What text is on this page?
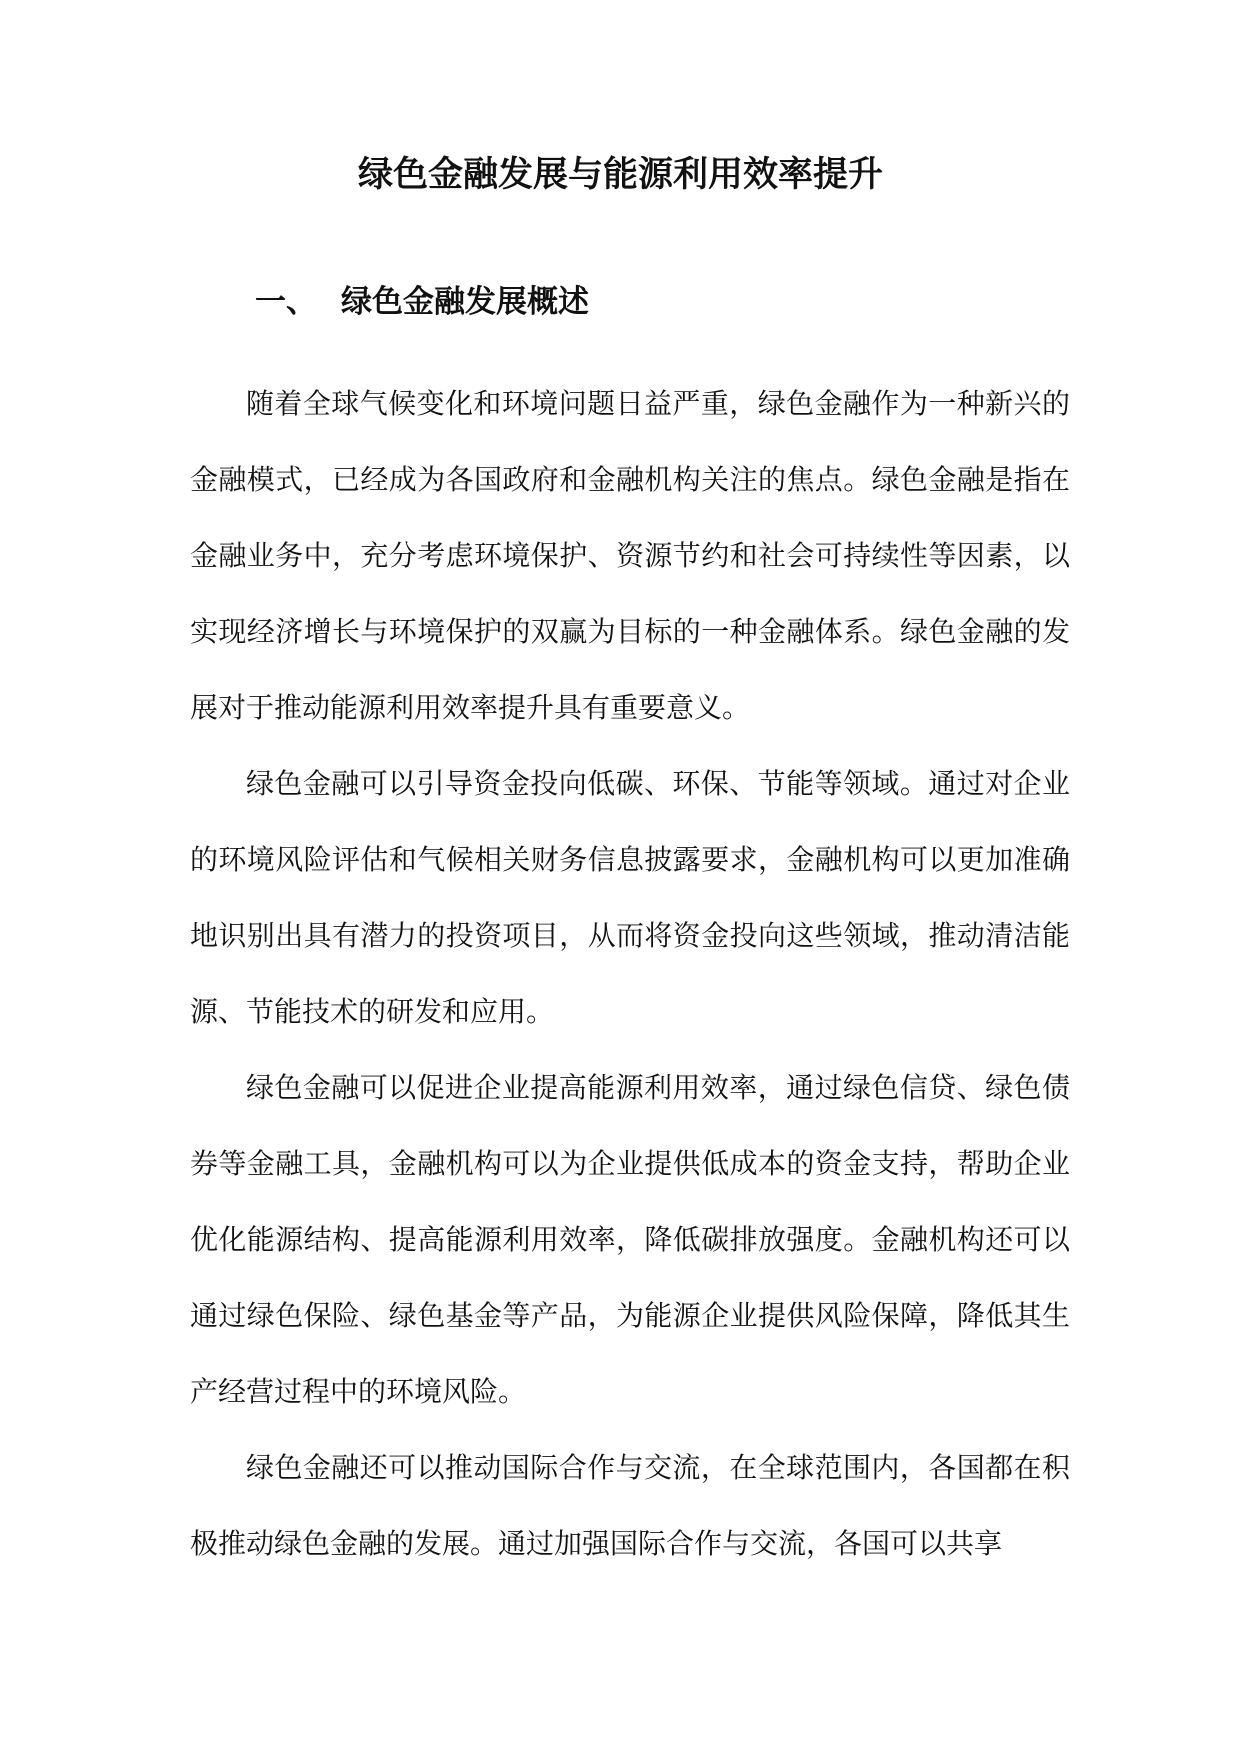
绿色金融发展与能源利用效率提升
一、 绿色金融发展概述

随着全球气候变化和环境问题日益严重，绿色金融作为一种新兴的金融模式，已经成为各国政府和金融机构关注的焦点。绿色金融是指在金融业务中，充分考虑环境保护、资源节约和社会可持续性等因素，以实现经济增长与环境保护的双赢为目标的一种金融体系。绿色金融的发展对于推动能源利用效率提升具有重要意义。

绿色金融可以引导资金投向低碳、环保、节能等领域。通过对企业的环境风险评估和气候相关财务信息披露要求，金融机构可以更加准确地识别出具有潜力的投资项目，从而将资金投向这些领域，推动清洁能源、节能技术的研发和应用。

绿色金融可以促进企业提高能源利用效率，通过绿色信贷、绿色债券等金融工具，金融机构可以为企业提供低成本的资金支持，帮助企业优化能源结构、提高能源利用效率，降低碳排放强度。金融机构还可以通过绿色保险、绿色基金等产品，为能源企业提供风险保障，降低其生产经营过程中的环境风险。

绿色金融还可以推动国际合作与交流，在全球范围内，各国都在积极推动绿色金融的发展。通过加强国际合作与交流，各国可以共享
